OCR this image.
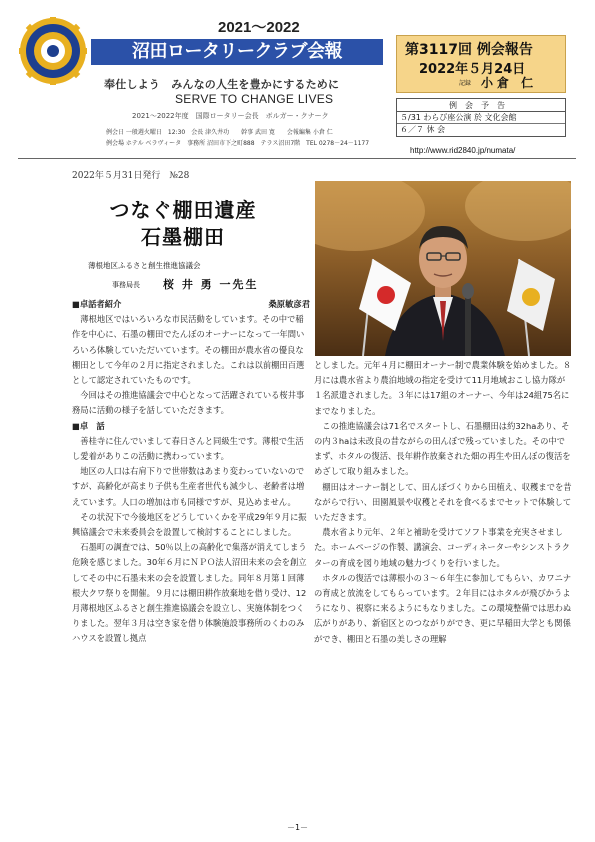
2021～2022
沼田ロータリークラブ会報
奉仕しよう　みんなの人生を豊かにするために
SERVE TO CHANGE LIVES
2021～2022年度　国際ロータリー会長　ボルガー・クナーク
例会日 一般週火曜日　12:30　会長 津久井功　　幹事 武田 寛　　会報編集 小倉 仁
例会場 ホテル ベラヴィータ　事務所 沼田市下之町888　テラス沼田7階　TEL 0278－24－1177
第3117回 例会報告
2022年５月24日
記録 小倉 仁
例会予告
５/31 わらび座公演 於 文化会館
６／７ 休 会
http://www.rid2840.jp/numata/
2022年５月31日発行　№28
つなぐ棚田遺産
石墨棚田
薄根地区ふるさと創生推進協議会
事務局長 桜 井 勇 一先生
■卓話者紹介	桑原敏彦君

薄根地区ではいろいろな市民活動をしています。その中で稲作を中心に、石墨の棚田でたんぼのオーナーになって一年間いろいろ体験していただいています。その棚田が農水省の優良な棚田として今年の２月に指定されました。これは以前棚田百選として認定されていたものです。

今回はその推進協議会で中心となって活躍されている桜井事務局に活動の様子を話していただきます。

■卓　話

善桂寺に住んでいまして春日さんと同級生です。薄根で生活し愛着がありこの活動に携わっています。

地区の人口は右肩下りで世帯数はあまり変わっていないのですが、高齢化が高まり子供も生産者世代も減少し、老齢者は増えています。人口の増加は市も同様ですが、見込めません。

その状況下で今後地区をどうしていくかを平成29年９月に振興協議会で未来委員会を設置して検討することにしました。

石墨町の調査では、50％以上の高齢化で集落が消えてしまう危険を感じました。30年６月にＮＰＯ法人沼田未来の会を創立してその中に石墨未来の会を設置しました。同年８月第１回薄根大クワ祭りを開催。９月には棚田耕作放棄地を借り受け、12月薄根地区ふるさと創生推進協議会を設立し、実施体制をつくりました。翌年３月は空き家を借り体験施設事務所のくわのみハウスを設置し拠点

としました。元年４月に棚田オーナー制で農業体験を始めました。８月には農水省より農泊地域の指定を受けて11月地域おこし協力隊が１名派遣されました。３年には17組のオーナー、今年は24組75名にまでなりました。

この推進協議会は71名でスタートし、石墨棚田は約32haあり、その内３haは未改良の昔ながらの田んぼで残っていました。その中でまず、ホタルの復活、長年耕作放棄された畑の再生や田んぼの復活をめざして取り組みました。

棚田はオーナー制として、田んぼづくりから田植え、収穫までを昔ながらで行い、田園風景や収穫とそれを食べるまでセットで体験していただきます。

農水省より元年、２年と補助を受けてソフト事業を充実させました。ホームページの作製、講演会、コーディネーターやシンストラクターの育成を図り地域の魅力づくりを行いました。

ホタルの復活では薄根小の３～６年生に参加してもらい、カワニナの育成と放流をしてもらっています。２年目にはホタルが飛びかうようになり、視察に来るようにもなりました。この環境整備では思わぬ広がりがあり、新宿区とのつながりができ、更に早稲田大学とも関係ができ、棚田と石墨の美しさの理解

－1－
